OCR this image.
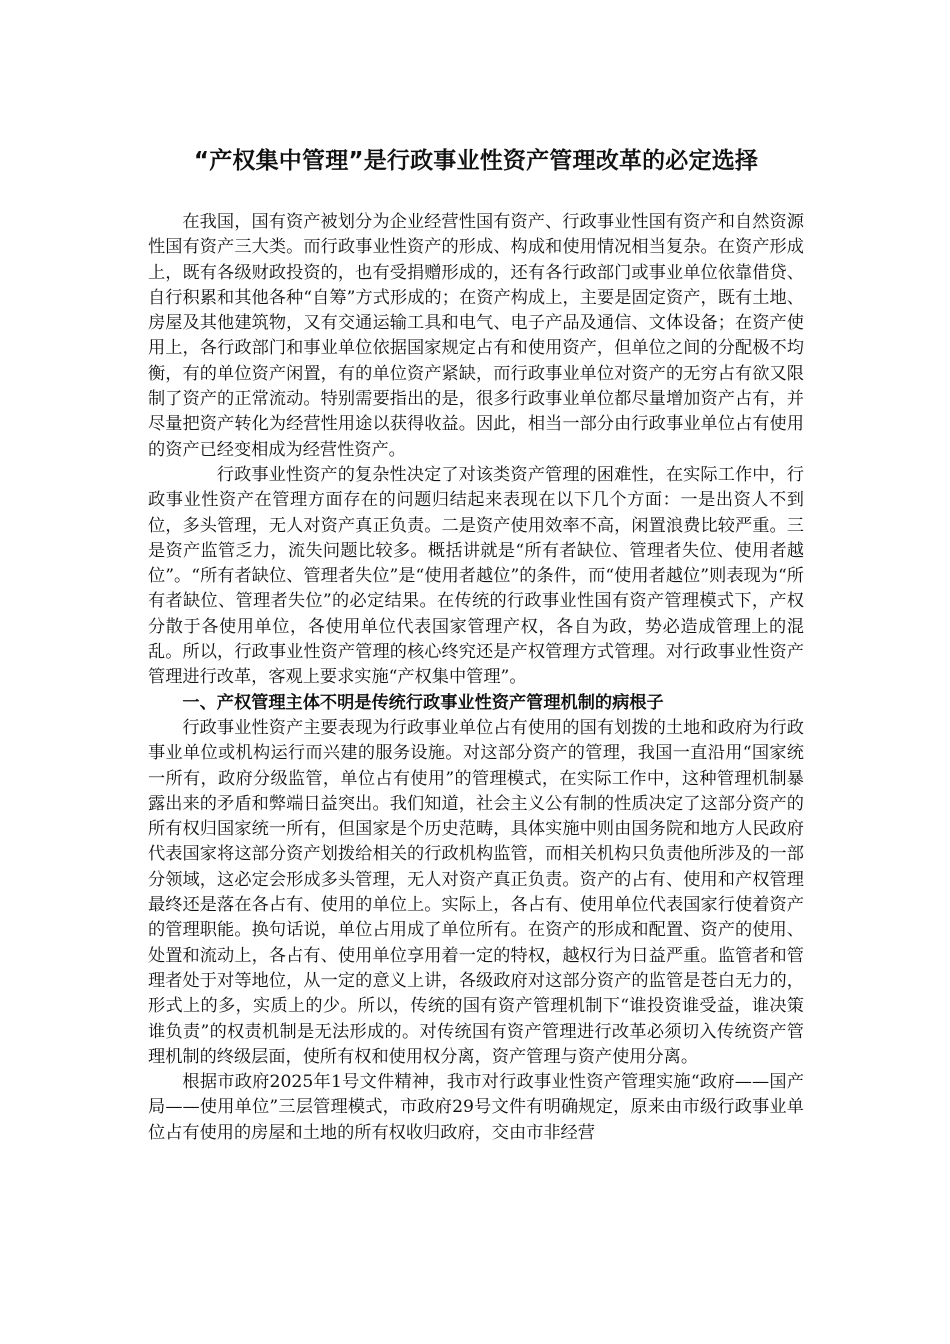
“产权集中管理”是行政事业性资产管理改革的必定选择

在我国，国有资产被划分为企业经营性国有资产、行政事业性国有资产和自然资源性国有资产三大类。而行政事业性资产的形成、构成和使用情况相当复杂。在资产形成上，既有各级财政投资的，也有受捐赠形成的，还有各行政部门或事业单位依靠借贷、自行积累和其他各种“自筹”方式形成的；在资产构成上，主要是固定资产，既有土地、房屋及其他建筑物，又有交通运输工具和电气、电子产品及通信、文体设备；在资产使用上，各行政部门和事业单位依据国家规定占有和使用资产，但单位之间的分配极不均衡，有的单位资产闲置，有的单位资产紧缺，而行政事业单位对资产的无穷占有欲又限制了资产的正常流动。特别需要指出的是，很多行政事业单位都尽量增加资产占有，并尽量把资产转化为经营性用途以获得收益。因此，相当一部分由行政事业单位占有使用的资产已经变相成为经营性资产。

行政事业性资产的复杂性决定了对该类资产管理的困难性，在实际工作中，行政事业性资产在管理方面存在的问题归结起来表现在以下几个方面：一是出资人不到位，多头管理，无人对资产真正负责。二是资产使用效率不高，闲置浪费比较严重。三是资产监管乏力，流失问题比较多。概括讲就是“所有者缺位、管理者失位、使用者越位”。“所有者缺位、管理者失位”是“使用者越位”的条件，而“使用者越位”则表现为“所有者缺位、管理者失位”的必定结果。在传统的行政事业性国有资产管理模式下，产权分散于各使用单位，各使用单位代表国家管理产权，各自为政，势必造成管理上的混乱。所以，行政事业性资产管理的核心终究还是产权管理方式管理。对行政事业性资产管理进行改革，客观上要求实施“产权集中管理”。

一、产权管理主体不明是传统行政事业性资产管理机制的病根子

行政事业性资产主要表现为行政事业单位占有使用的国有划拨的土地和政府为行政事业单位或机构运行而兴建的服务设施。对这部分资产的管理，我国一直沿用“国家统一所有，政府分级监管，单位占有使用”的管理模式，在实际工作中，这种管理机制暴露出来的矛盾和弊端日益突出。我们知道，社会主义公有制的性质决定了这部分资产的所有权归国家统一所有，但国家是个历史范畴，具体实施中则由国务院和地方人民政府代表国家将这部分资产划拨给相关的行政机构监管，而相关机构只负责他所涉及的一部分领域，这必定会形成多头管理，无人对资产真正负责。资产的占有、使用和产权管理最终还是落在各占有、使用的单位上。实际上，各占有、使用单位代表国家行使着资产的管理职能。换句话说，单位占用成了单位所有。在资产的形成和配置、资产的使用、处置和流动上，各占有、使用单位享用着一定的特权，越权行为日益严重。监管者和管理者处于对等地位，从一定的意义上讲，各级政府对这部分资产的监管是苍白无力的，形式上的多，实质上的少。所以，传统的国有资产管理机制下“谁投资谁受益，谁决策谁负责”的权责机制是无法形成的。对传统国有资产管理进行改革必须切入传统资产管理机制的终级层面，使所有权和使用权分离，资产管理与资产使用分离。

根据市政府2025年1号文件精神，我市对行政事业性资产管理实施“政府——国产局——使用单位”三层管理模式，市政府29号文件有明确规定，原来由市级行政事业单位占有使用的房屋和土地的所有权收归政府，交由市非经营
